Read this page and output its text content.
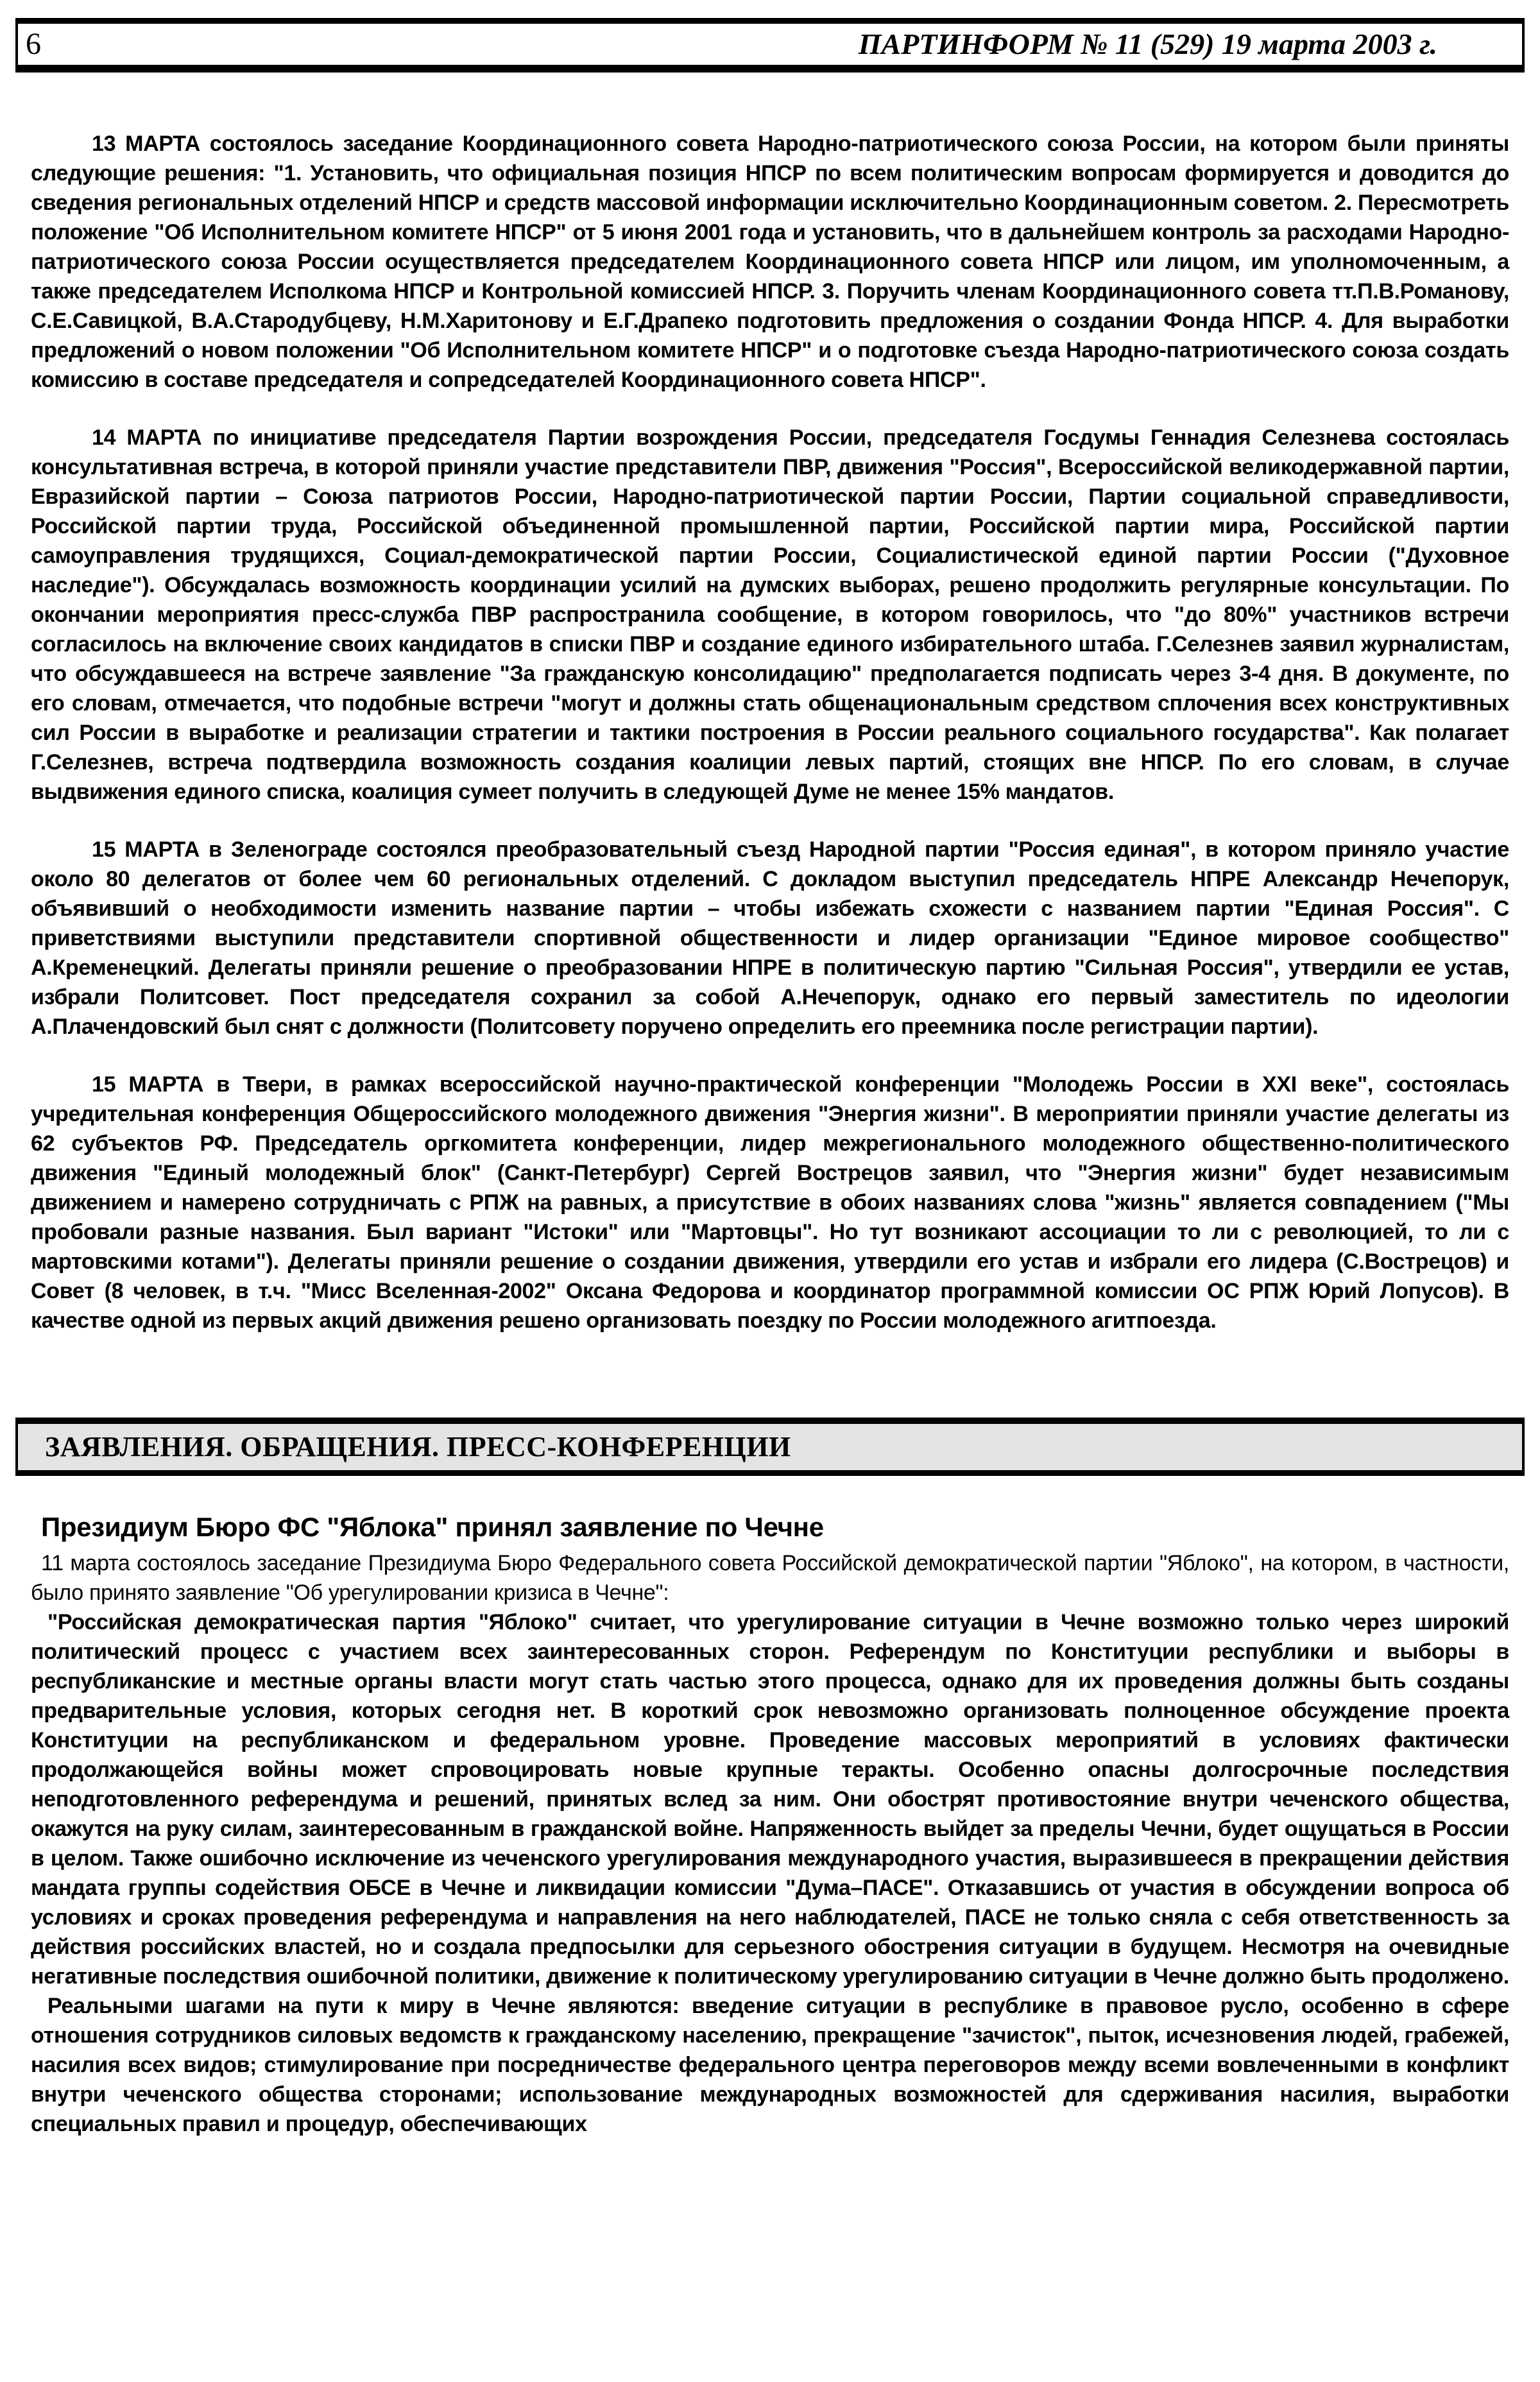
6	ПАРТИНФОРМ № 11 (529) 19 марта 2003 г.

13 МАРТА состоялось заседание Координационного совета Народно-патриотического союза России, на котором были приняты следующие решения: "1. Установить, что официальная позиция НПСР по всем политическим вопросам формируется и доводится до сведения региональных отделений НПСР и средств массовой информации исключительно Координационным советом. 2. Пересмотреть положение "Об Исполнительном комитете НПСР" от 5 июня 2001 года и установить, что в дальнейшем контроль за расходами Народно-патриотического союза России осуществляется председателем Координационного совета НПСР или лицом, им уполномоченным, а также председателем Исполкома НПСР и Контрольной комиссией НПСР. 3. Поручить членам Координационного совета тт.П.В.Романову, С.Е.Савицкой, В.А.Стародубцеву, Н.М.Харитонову и Е.Г.Драпеко подготовить предложения о создании Фонда НПСР. 4. Для выработки предложений о новом положении "Об Исполнительном комитете НПСР" и о подготовке съезда Народно-патриотического союза создать комиссию в составе председателя и сопредседателей Координационного совета НПСР".

14 МАРТА по инициативе председателя Партии возрождения России, председателя Госдумы Геннадия Селезнева состоялась консультативная встреча, в которой приняли участие представители ПВР, движения "Россия", Всероссийской великодержавной партии, Евразийской партии – Союза патриотов России, Народно-патриотической партии России, Партии социальной справедливости, Российской партии труда, Российской объединенной промышленной партии, Российской партии мира, Российской партии самоуправления трудящихся, Социал-демократической партии России, Социалистической единой партии России ("Духовное наследие"). Обсуждалась возможность координации усилий на думских выборах, решено продолжить регулярные консультации. По окончании мероприятия пресс-служба ПВР распространила сообщение, в котором говорилось, что "до 80%" участников встречи согласилось на включение своих кандидатов в списки ПВР и создание единого избирательного штаба. Г.Селезнев заявил журналистам, что обсуждавшееся на встрече заявление "За гражданскую консолидацию" предполагается подписать через 3-4 дня. В документе, по его словам, отмечается, что подобные встречи "могут и должны стать общенациональным средством сплочения всех конструктивных сил России в выработке и реализации стратегии и тактики построения в России реального социального государства". Как полагает Г.Селезнев, встреча подтвердила возможность создания коалиции левых партий, стоящих вне НПСР. По его словам, в случае выдвижения единого списка, коалиция сумеет получить в следующей Думе не менее 15% мандатов.

15 МАРТА в Зеленограде состоялся преобразовательный съезд Народной партии "Россия единая", в котором приняло участие около 80 делегатов от более чем 60 региональных отделений. С докладом выступил председатель НПРЕ Александр Нечепорук, объявивший о необходимости изменить название партии – чтобы избежать схожести с названием партии "Единая Россия". С приветствиями выступили представители спортивной общественности и лидер организации "Единое мировое сообщество" А.Кременецкий. Делегаты приняли решение о преобразовании НПРЕ в политическую партию "Сильная Россия", утвердили ее устав, избрали Политсовет. Пост председателя сохранил за собой А.Нечепорук, однако его первый заместитель по идеологии А.Плачендовский был снят с должности (Политсовету поручено определить его преемника после регистрации партии).

15 МАРТА в Твери, в рамках всероссийской научно-практической конференции "Молодежь России в XXI веке", состоялась учредительная конференция Общероссийского молодежного движения "Энергия жизни". В мероприятии приняли участие делегаты из 62 субъектов РФ. Председатель оргкомитета конференции, лидер межрегионального молодежного общественно-политического движения "Единый молодежный блок" (Санкт-Петербург) Сергей Вострецов заявил, что "Энергия жизни" будет независимым движением и намерено сотрудничать с РПЖ на равных, а присутствие в обоих названиях слова "жизнь" является совпадением ("Мы пробовали разные названия. Был вариант "Истоки" или "Мартовцы". Но тут возникают ассоциации то ли с революцией, то ли с мартовскими котами"). Делегаты приняли решение о создании движения, утвердили его устав и избрали его лидера (С.Вострецов) и Совет (8 человек, в т.ч. "Мисс Вселенная-2002" Оксана Федорова и координатор программной комиссии ОС РПЖ Юрий Лопусов). В качестве одной из первых акций движения решено организовать поездку по России молодежного агитпоезда.

ЗАЯВЛЕНИЯ. ОБРАЩЕНИЯ. ПРЕСС-КОНФЕРЕНЦИИ
Президиум Бюро ФС "Яблока" принял заявление по Чечне

11 марта состоялось заседание Президиума Бюро Федерального совета Российской демократической партии "Яблоко", на котором, в частности, было принято заявление "Об урегулировании кризиса в Чечне":

"Российская демократическая партия "Яблоко" считает, что урегулирование ситуации в Чечне возможно только через широкий политический процесс с участием всех заинтересованных сторон. Референдум по Конституции республики и выборы в республиканские и местные органы власти могут стать частью этого процесса, однако для их проведения должны быть созданы предварительные условия, которых сегодня нет. В короткий срок невозможно организовать полноценное обсуждение проекта Конституции на республиканском и федеральном уровне. Проведение массовых мероприятий в условиях фактически продолжающейся войны может спровоцировать новые крупные теракты. Особенно опасны долгосрочные последствия неподготовленного референдума и решений, принятых вслед за ним. Они обострят противостояние внутри чеченского общества, окажутся на руку силам, заинтересованным в гражданской войне. Напряженность выйдет за пределы Чечни, будет ощущаться в России в целом. Также ошибочно исключение из чеченского урегулирования международного участия, выразившееся в прекращении действия мандата группы содействия ОБСЕ в Чечне и ликвидации комиссии "Дума–ПАСЕ". Отказавшись от участия в обсуждении вопроса об условиях и сроках проведения референдума и направления на него наблюдателей, ПАСЕ не только сняла с себя ответственность за действия российских властей, но и создала предпосылки для серьезного обострения ситуации в будущем. Несмотря на очевидные негативные последствия ошибочной политики, движение к политическому урегулированию ситуации в Чечне должно быть продолжено.

Реальными шагами на пути к миру в Чечне являются: введение ситуации в республике в правовое русло, особенно в сфере отношения сотрудников силовых ведомств к гражданскому населению, прекращение "зачисток", пыток, исчезновения людей, грабежей, насилия всех видов; стимулирование при посредничестве федерального центра переговоров между всеми вовлеченными в конфликт внутри чеченского общества сторонами; использование международных возможностей для сдерживания насилия, выработки специальных правил и процедур, обеспечивающих
